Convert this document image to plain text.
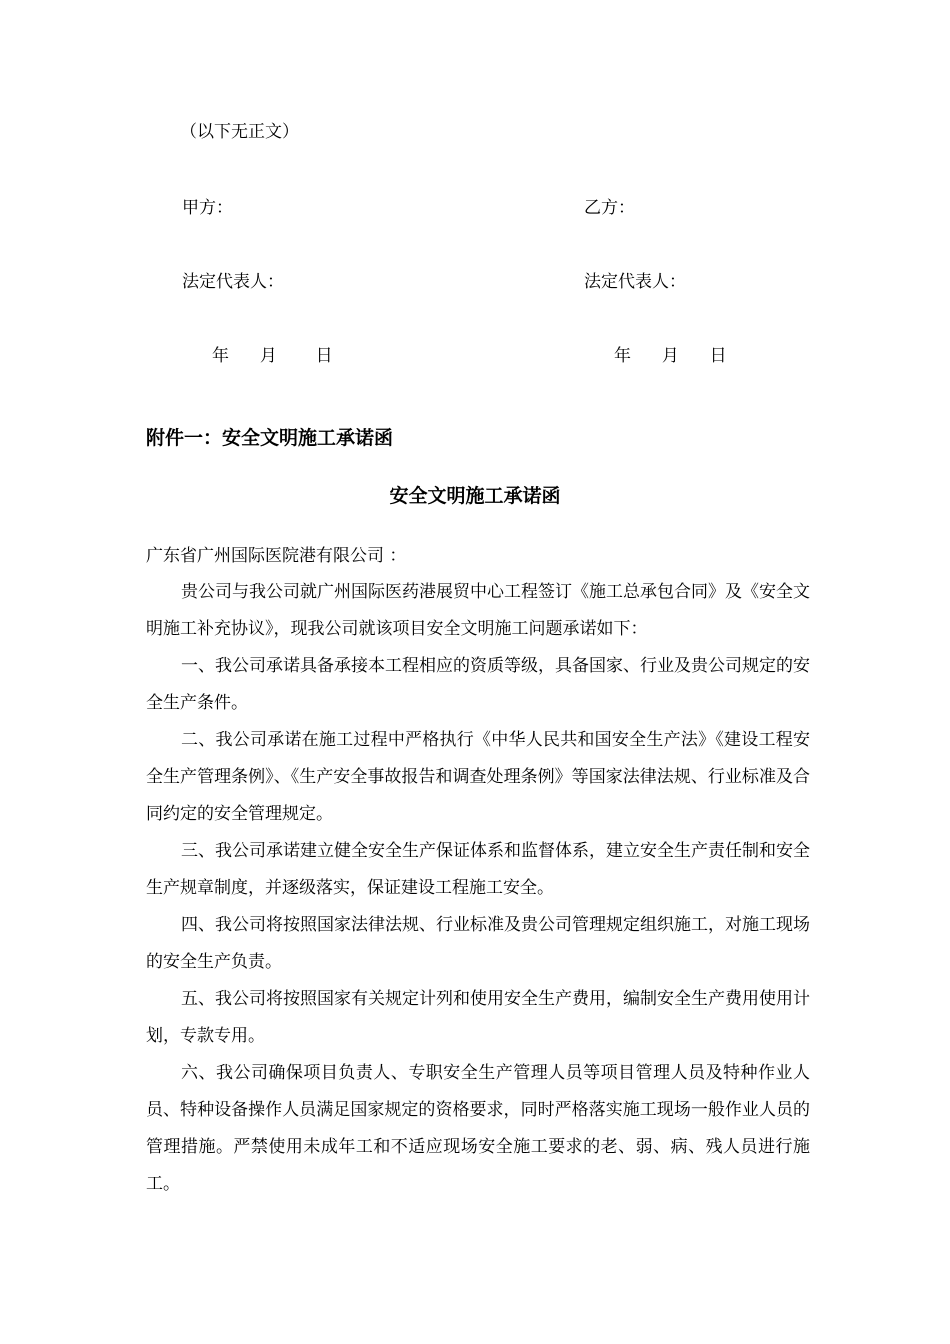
（以下无正文）
甲方：	乙方：
法定代表人：	法定代表人：
年 月 日	年 月 日
附件一：安全文明施工承诺函
安全文明施工承诺函
广东省广州国际医院港有限公司 ：
贵公司与我公司就广州国际医药港展贸中心工程签订《施工总承包合同》及《安全文明施工补充协议》，现我公司就该项目安全文明施工问题承诺如下：
一、我公司承诺具备承接本工程相应的资质等级，具备国家、行业及贵公司规定的安全生产条件。
二、我公司承诺在施工过程中严格执行《中华人民共和国安全生产法》《建设工程安全生产管理条例》、《生产安全事故报告和调查处理条例》等国家法律法规、行业标准及合同约定的安全管理规定。
三、我公司承诺建立健全安全生产保证体系和监督体系，建立安全生产责任制和安全生产规章制度，并逐级落实，保证建设工程施工安全。
四、我公司将按照国家法律法规、行业标准及贵公司管理规定组织施工，对施工现场的安全生产负责。
五、我公司将按照国家有关规定计列和使用安全生产费用，编制安全生产费用使用计划，专款专用。
六、我公司确保项目负责人、专职安全生产管理人员等项目管理人员及特种作业人员、特种设备操作人员满足国家规定的资格要求，同时严格落实施工现场一般作业人员的管理措施。严禁使用未成年工和不适应现场安全施工要求的老、弱、病、残人员进行施工。
